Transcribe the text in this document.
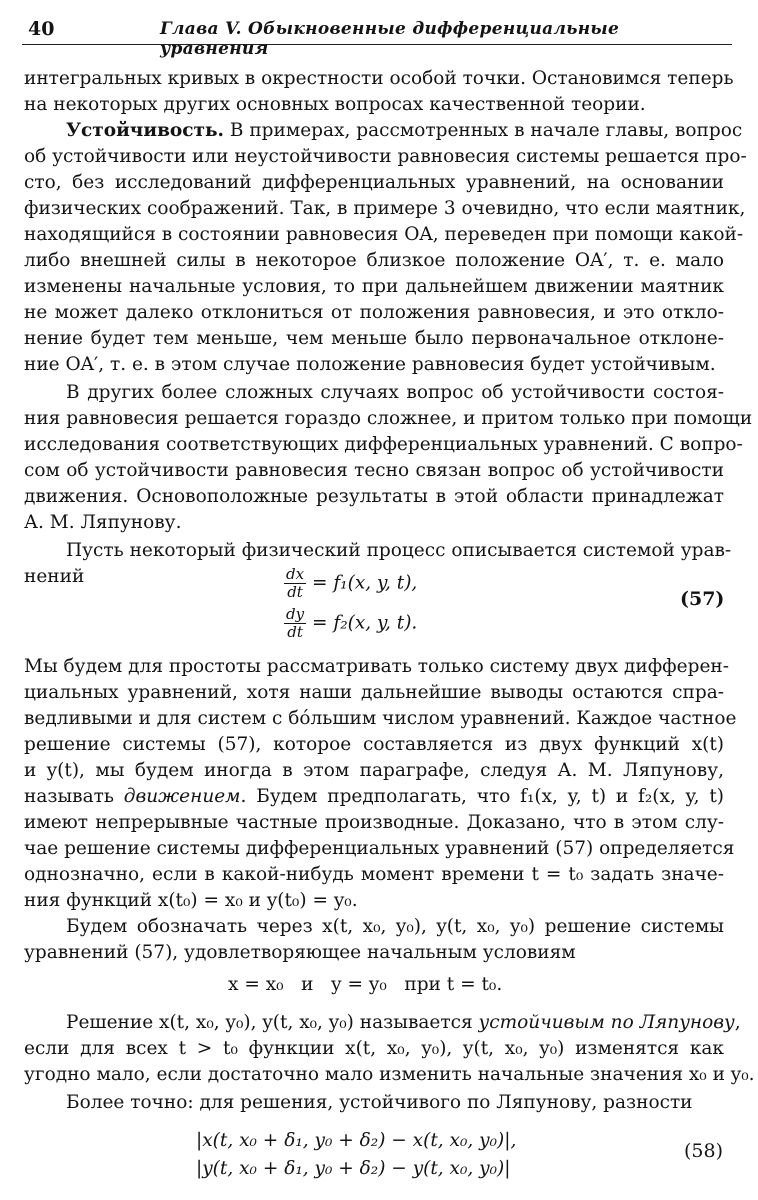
40	Глава V. Обыкновенные дифференциальные уравнения
интегральных кривых в окрестности особой точки. Остановимся теперь
на некоторых других основных вопросах качественной теории.
Устойчивость. В примерах, рассмотренных в начале главы, вопрос
об устойчивости или неустойчивости равновесия системы решается про-
сто, без исследований дифференциальных уравнений, на основании
физических соображений. Так, в примере 3 очевидно, что если маятник,
находящийся в состоянии равновесия OA, переведен при помощи какой-
либо внешней силы в некоторое близкое положение OA′, т. е. мало
изменены начальные условия, то при дальнейшем движении маятник
не может далеко отклониться от положения равновесия, и это откло-
нение будет тем меньше, чем меньше было первоначальное отклоне-
ние OA′, т. е. в этом случае положение равновесия будет устойчивым.
В других более сложных случаях вопрос об устойчивости состоя-
ния равновесия решается гораздо сложнее, и притом только при помощи
исследования соответствующих дифференциальных уравнений. С вопро-
сом об устойчивости равновесия тесно связан вопрос об устойчивости
движения. Основоположные результаты в этой области принадлежат
А. М. Ляпунову.
Пусть некоторый физический процесс описывается системой урав-
нений	$\frac{dx}{dt} = f_1(x$, y, t),
$\frac{dy}{dt} = f_2(x$, y, t).
(57)
Мы будем для простоты рассматривать только систему двух дифферен-
циальных уравнений, хотя наши дальнейшие выводы остаются спра-
ведливыми и для систем с бо́льшим числом уравнений. Каждое частное
решение системы (57), которое составляется из двух функций x(t)
и y(t), мы будем иногда в этом параграфе, следуя А. М. Ляпунову,
называть движением. Будем предполагать, что f₁(x, y, t) и f₂(x, y, t)
имеют непрерывные частные производные. Доказано, что в этом слу-
чае решение системы дифференциальных уравнений (57) определяется
однозначно, если в какой-нибудь момент времени t = t₀ задать значе-
ния функций x(t₀) = x₀ и y(t₀) = y₀.
Будем обозначать через x(t, x₀, y₀), y(t, x₀, y₀) решение системы
уравнений (57), удовлетворяющее начальным условиям
x = x₀   и   y = y₀   при t = t₀.
Решение x(t, x₀, y₀), y(t, x₀, y₀) называется устойчивым по Ляпунову,
если для всех t > t₀ функции x(t, x₀, y₀), y(t, x₀, y₀) изменятся как
угодно мало, если достаточно мало изменить начальные значения x₀ и y₀.
Более точно: для решения, устойчивого по Ляпунову, разности
|x(t, x₀ + δ₁, y₀ + δ₂) − x(t, x₀, y₀)|,
|y(t, x₀ + δ₁, y₀ + δ₂) − y(t, x₀, y₀)|
(58)
